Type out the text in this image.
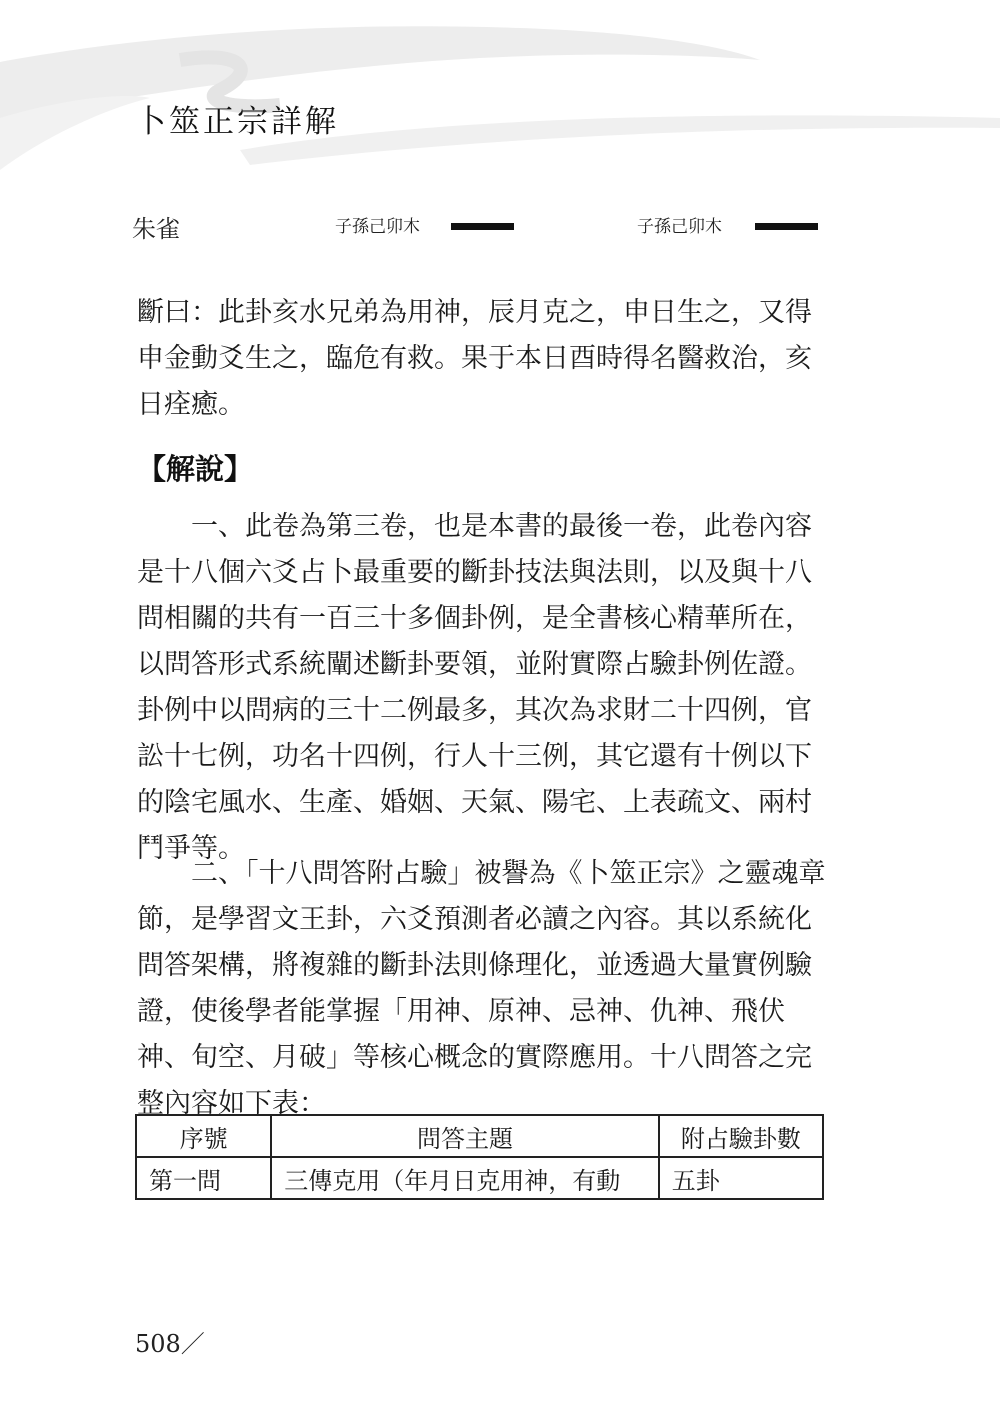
卜筮正宗詳解
朱雀	子孫己卯木	子孫己卯木

斷曰：此卦亥水兄弟為用神，辰月克之，申日生之，又得申金動爻生之，臨危有救。果于本日酉時得名醫救治，亥日痊癒。

【解說】

一、此卷為第三卷，也是本書的最後一卷，此卷內容是十八個六爻占卜最重要的斷卦技法與法則，以及與十八問相關的共有一百三十多個卦例，是全書核心精華所在，以問答形式系統闡述斷卦要領，並附實際占驗卦例佐證。卦例中以問病的三十二例最多，其次為求財二十四例，官訟十七例，功名十四例，行人十三例，其它還有十例以下的陰宅風水、生產、婚姻、天氣、陽宅、上表疏文、兩村鬥爭等。

二、「十八問答附占驗」被譽為《卜筮正宗》之靈魂章節，是學習文王卦，六爻預測者必讀之內容。其以系統化問答架構，將複雜的斷卦法則條理化，並透過大量實例驗證，使後學者能掌握「用神、原神、忌神、仇神、飛伏神、旬空、月破」等核心概念的實際應用。十八問答之完整內容如下表：

序號	問答主題	附占驗卦數
第一問	三傳克用（年月日克用神，有動	五卦
508／
